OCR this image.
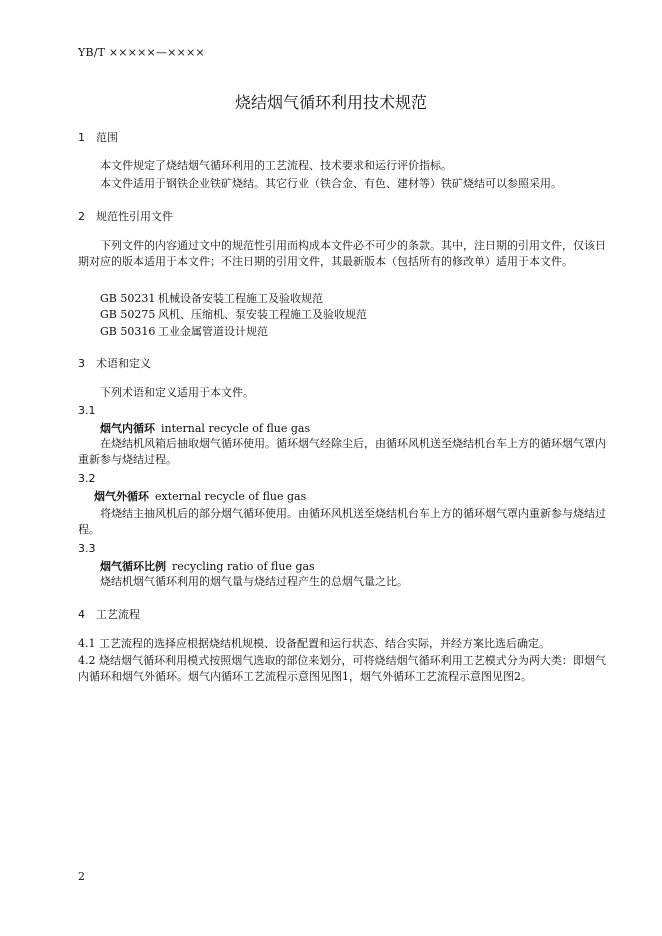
YB/T ×××××—××××
烧结烟气循环利用技术规范
1 范围
本文件规定了烧结烟气循环利用的工艺流程、技术要求和运行评价指标。
本文件适用于钢铁企业铁矿烧结。其它行业（铁合金、有色、建材等）铁矿烧结可以参照采用。
2 规范性引用文件
下列文件的内容通过文中的规范性引用而构成本文件必不可少的条款。其中，注日期的引用文件，仅该日期对应的版本适用于本文件；不注日期的引用文件，其最新版本（包括所有的修改单）适用于本文件。
GB 50231 机械设备安装工程施工及验收规范
GB 50275 风机、压缩机、泵安装工程施工及验收规范
GB 50316 工业金属管道设计规范
3 术语和定义
下列术语和定义适用于本文件。
3.1
烟气内循环 internal recycle of flue gas
在烧结机风箱后抽取烟气循环使用。循环烟气经除尘后，由循环风机送至烧结机台车上方的循环烟气罩内重新参与烧结过程。
3.2
烟气外循环 external recycle of flue gas
将烧结主抽风机后的部分烟气循环使用。由循环风机送至烧结机台车上方的循环烟气罩内重新参与烧结过程。
3.3
烟气循环比例 recycling ratio of flue gas
烧结机烟气循环利用的烟气量与烧结过程产生的总烟气量之比。
4 工艺流程
4.1 工艺流程的选择应根据烧结机规模、设备配置和运行状态、结合实际，并经方案比选后确定。
4.2 烧结烟气循环利用模式按照烟气选取的部位来划分，可将烧结烟气循环利用工艺模式分为两大类：即烟气内循环和烟气外循环。烟气内循环工艺流程示意图见图1，烟气外循环工艺流程示意图见图2。
2
